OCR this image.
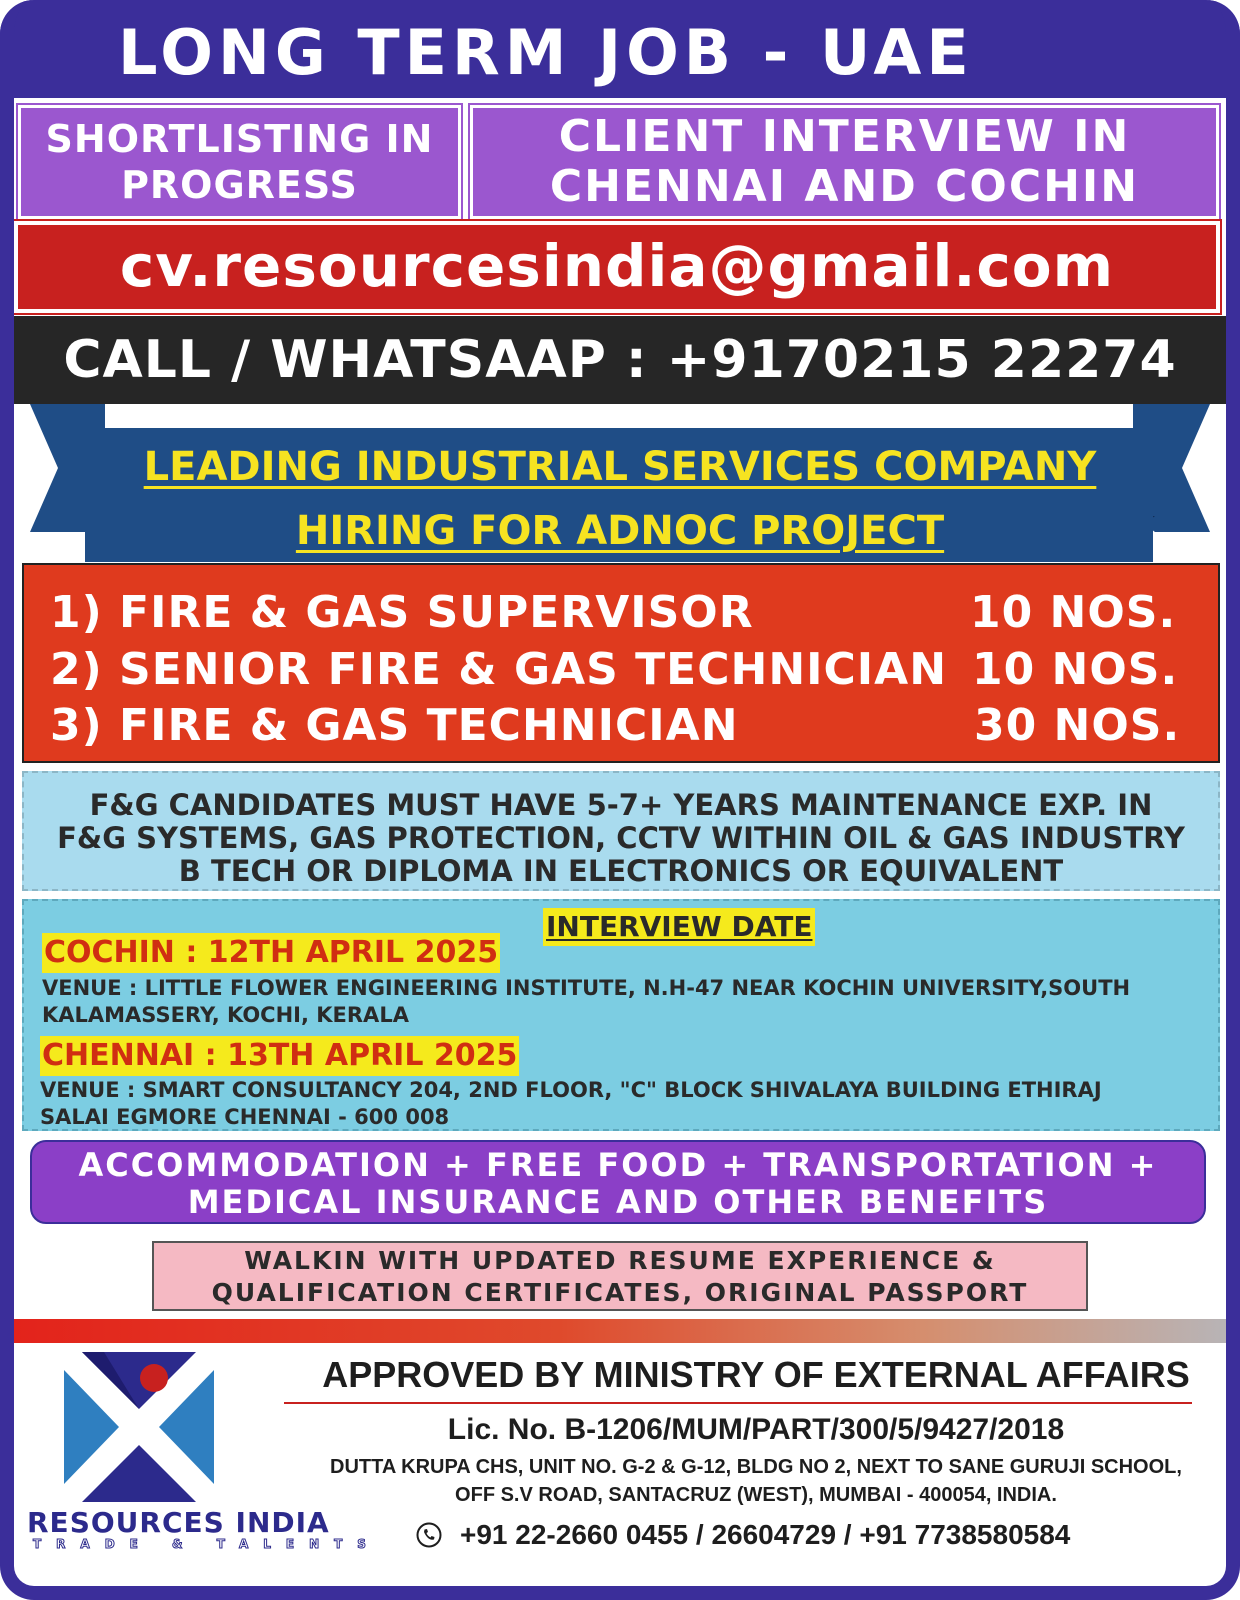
LONG TERM JOB - UAE
SHORTLISTING IN
PROGRESS
CLIENT INTERVIEW IN
CHENNAI AND COCHIN
cv.resourcesindia@gmail.com
CALL / WHATSAAP : +9170215 22274
LEADING INDUSTRIAL SERVICES COMPANY
HIRING FOR ADNOC PROJECT
1) FIRE & GAS SUPERVISOR	10 NOS.
2) SENIOR FIRE & GAS TECHNICIAN 10 NOS.
3) FIRE & GAS TECHNICIAN	30 NOS.
F&G CANDIDATES MUST HAVE 5-7+ YEARS MAINTENANCE EXP. IN
F&G SYSTEMS, GAS PROTECTION, CCTV WITHIN OIL & GAS INDUSTRY
B TECH OR DIPLOMA IN ELECTRONICS OR EQUIVALENT
INTERVIEW DATE
COCHIN : 12TH APRIL 2025
VENUE : LITTLE FLOWER ENGINEERING INSTITUTE, N.H-47 NEAR KOCHIN UNIVERSITY,SOUTH
KALAMASSERY, KOCHI, KERALA
CHENNAI : 13TH APRIL 2025
VENUE : SMART CONSULTANCY 204, 2ND FLOOR, "C" BLOCK SHIVALAYA BUILDING ETHIRAJ
SALAI EGMORE CHENNAI - 600 008
ACCOMMODATION + FREE FOOD + TRANSPORTATION +
MEDICAL INSURANCE AND OTHER BENEFITS
WALKIN WITH UPDATED RESUME EXPERIENCE &
QUALIFICATION CERTIFICATES, ORIGINAL PASSPORT
RESOURCES INDIA
TRADE & TALENTS
APPROVED BY MINISTRY OF EXTERNAL AFFAIRS
Lic. No. B-1206/MUM/PART/300/5/9427/2018
DUTTA KRUPA CHS, UNIT NO. G-2 & G-12, BLDG NO 2, NEXT TO SANE GURUJI SCHOOL,
OFF S.V ROAD, SANTACRUZ (WEST), MUMBAI - 400054, INDIA.
+91 22-2660 0455 / 26604729 / +91 7738580584
